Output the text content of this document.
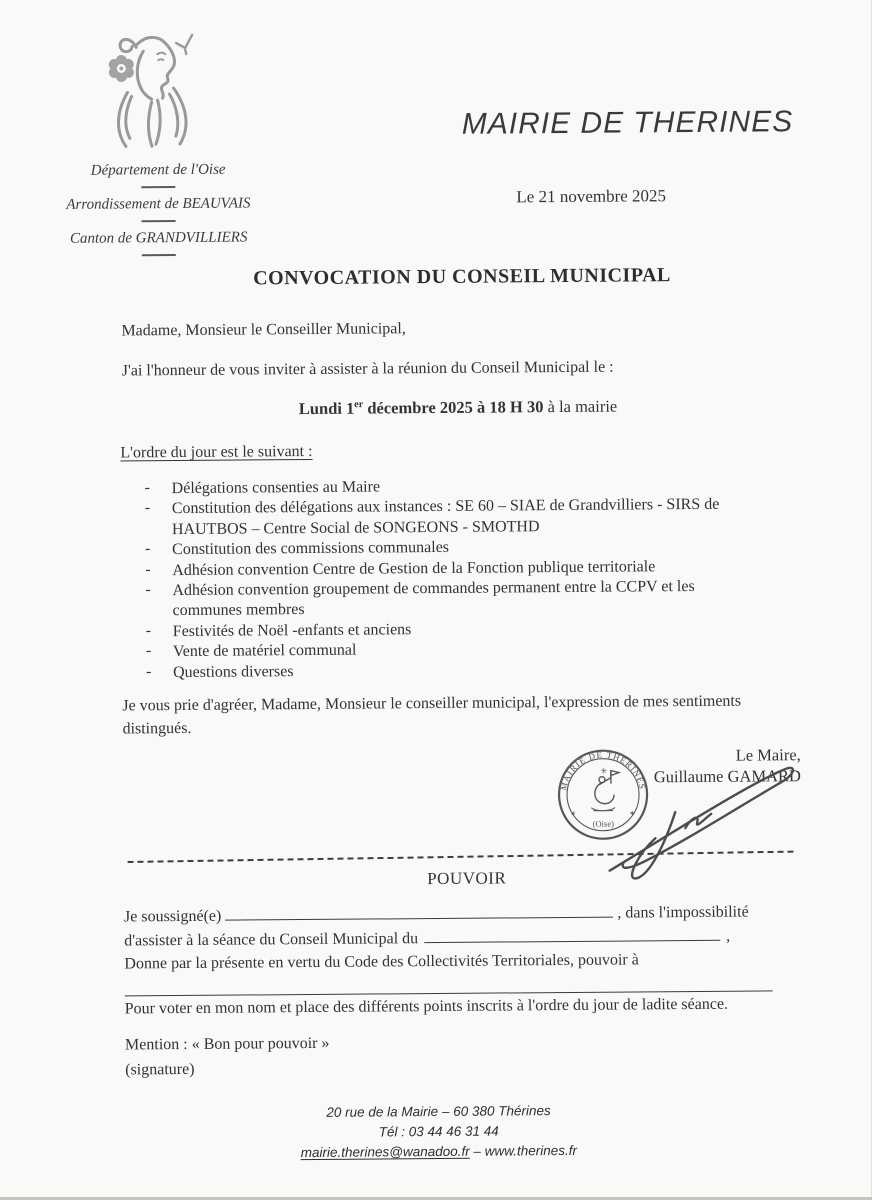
Département de l'Oise
Arrondissement de BEAUVAIS
Canton de GRANDVILLIERS
MAIRIE DE THERINES
Le 21 novembre 2025
CONVOCATION DU CONSEIL MUNICIPAL
Madame, Monsieur le Conseiller Municipal,
J'ai l'honneur de vous inviter à assister à la réunion du Conseil Municipal le :
Lundi 1er décembre 2025 à 18 H 30 à la mairie
L'ordre du jour est le suivant :
-	Délégations consenties au Maire
-	Constitution des délégations aux instances : SE 60 – SIAE de Grandvilliers - SIRS de
HAUTBOS – Centre Social de SONGEONS - SMOTHD
-	Constitution des commissions communales
-	Adhésion convention Centre de Gestion de la Fonction publique territoriale
-	Adhésion convention groupement de commandes permanent entre la CCPV et les
communes membres
-	Festivités de Noël -enfants et anciens
-	Vente de matériel communal
-	Questions diverses
Je vous prie d'agréer, Madame, Monsieur le conseiller municipal, l'expression de mes sentiments
distingués.
Le Maire,
Guillaume GAMARD
MAIRIE DE THERINES
✶	✶
✳
(Oise)
POUVOIR
Je soussigné(e)	, dans l'impossibilité
d'assister à la séance du Conseil Municipal du	,
Donne par la présente en vertu du Code des Collectivités Territoriales, pouvoir à
Pour voter en mon nom et place des différents points inscrits à l'ordre du jour de ladite séance.
Mention : « Bon pour pouvoir »
(signature)
20 rue de la Mairie – 60 380 Thérines
Tél : 03 44 46 31 44
mairie.therines@wanadoo.fr – www.therines.fr
